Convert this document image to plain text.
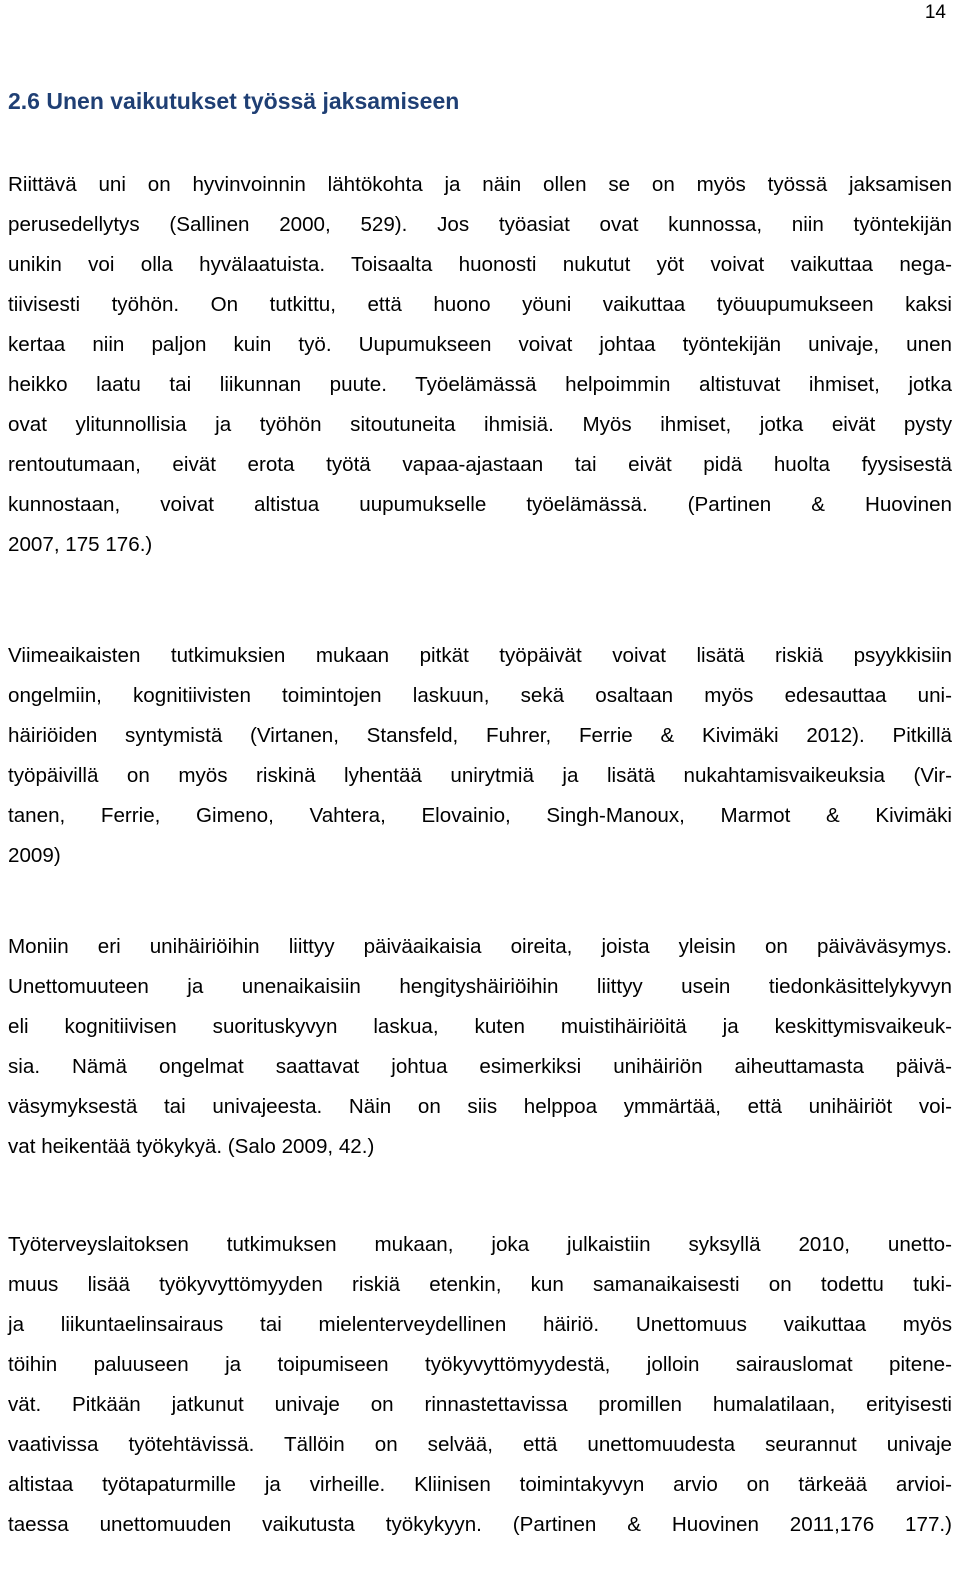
14
2.6 Unen vaikutukset työssä jaksamiseen
Riittävä uni on hyvinvoinnin lähtökohta ja näin ollen se on myös työssä jaksamisen
perusedellytys (Sallinen 2000, 529). Jos työasiat ovat kunnossa, niin työntekijän
unikin voi olla hyvälaatuista. Toisaalta huonosti nukutut yöt voivat vaikuttaa nega-
tiivisesti työhön. On tutkittu, että huono yöuni vaikuttaa työuupumukseen kaksi
kertaa niin paljon kuin työ. Uupumukseen voivat johtaa työntekijän univaje, unen
heikko laatu tai liikunnan puute. Työelämässä helpoimmin altistuvat ihmiset, jotka
ovat ylitunnollisia ja työhön sitoutuneita ihmisiä. Myös ihmiset, jotka eivät pysty
rentoutumaan, eivät erota työtä vapaa-ajastaan tai eivät pidä huolta fyysisestä
kunnostaan, voivat altistua uupumukselle työelämässä. (Partinen & Huovinen
2007, 175 176.)
Viimeaikaisten tutkimuksien mukaan pitkät työpäivät voivat lisätä riskiä psyykkisiin
ongelmiin, kognitiivisten toimintojen laskuun, sekä osaltaan myös edesauttaa uni-
häiriöiden syntymistä (Virtanen, Stansfeld, Fuhrer, Ferrie & Kivimäki 2012). Pitkillä
työpäivillä on myös riskinä lyhentää unirytmiä ja lisätä nukahtamisvaikeuksia (Vir-
tanen, Ferrie, Gimeno, Vahtera, Elovainio, Singh-Manoux, Marmot & Kivimäki
2009)
Moniin eri unihäiriöihin liittyy päiväaikaisia oireita, joista yleisin on päiväväsymys.
Unettomuuteen ja unenaikaisiin hengityshäiriöihin liittyy usein tiedonkäsittelykyvyn
eli kognitiivisen suorituskyvyn laskua, kuten muistihäiriöitä ja keskittymisvaikeuk-
sia. Nämä ongelmat saattavat johtua esimerkiksi unihäiriön aiheuttamasta päivä-
väsymyksestä tai univajeesta. Näin on siis helppoa ymmärtää, että unihäiriöt voi-
vat heikentää työkykyä. (Salo 2009, 42.)
Työterveyslaitoksen tutkimuksen mukaan, joka julkaistiin syksyllä 2010, unetto-
muus lisää työkyvyttömyyden riskiä etenkin, kun samanaikaisesti on todettu tuki-
ja liikuntaelinsairaus tai mielenterveydellinen häiriö. Unettomuus vaikuttaa myös
töihin paluuseen ja toipumiseen työkyvyttömyydestä, jolloin sairauslomat pitene-
vät. Pitkään jatkunut univaje on rinnastettavissa promillen humalatilaan, erityisesti
vaativissa työtehtävissä. Tällöin on selvää, että unettomuudesta seurannut univaje
altistaa työtapaturmille ja virheille. Kliinisen toimintakyvyn arvio on tärkeää arvioi-
taessa unettomuuden vaikutusta työkykyyn. (Partinen & Huovinen 2011,176 177.)
